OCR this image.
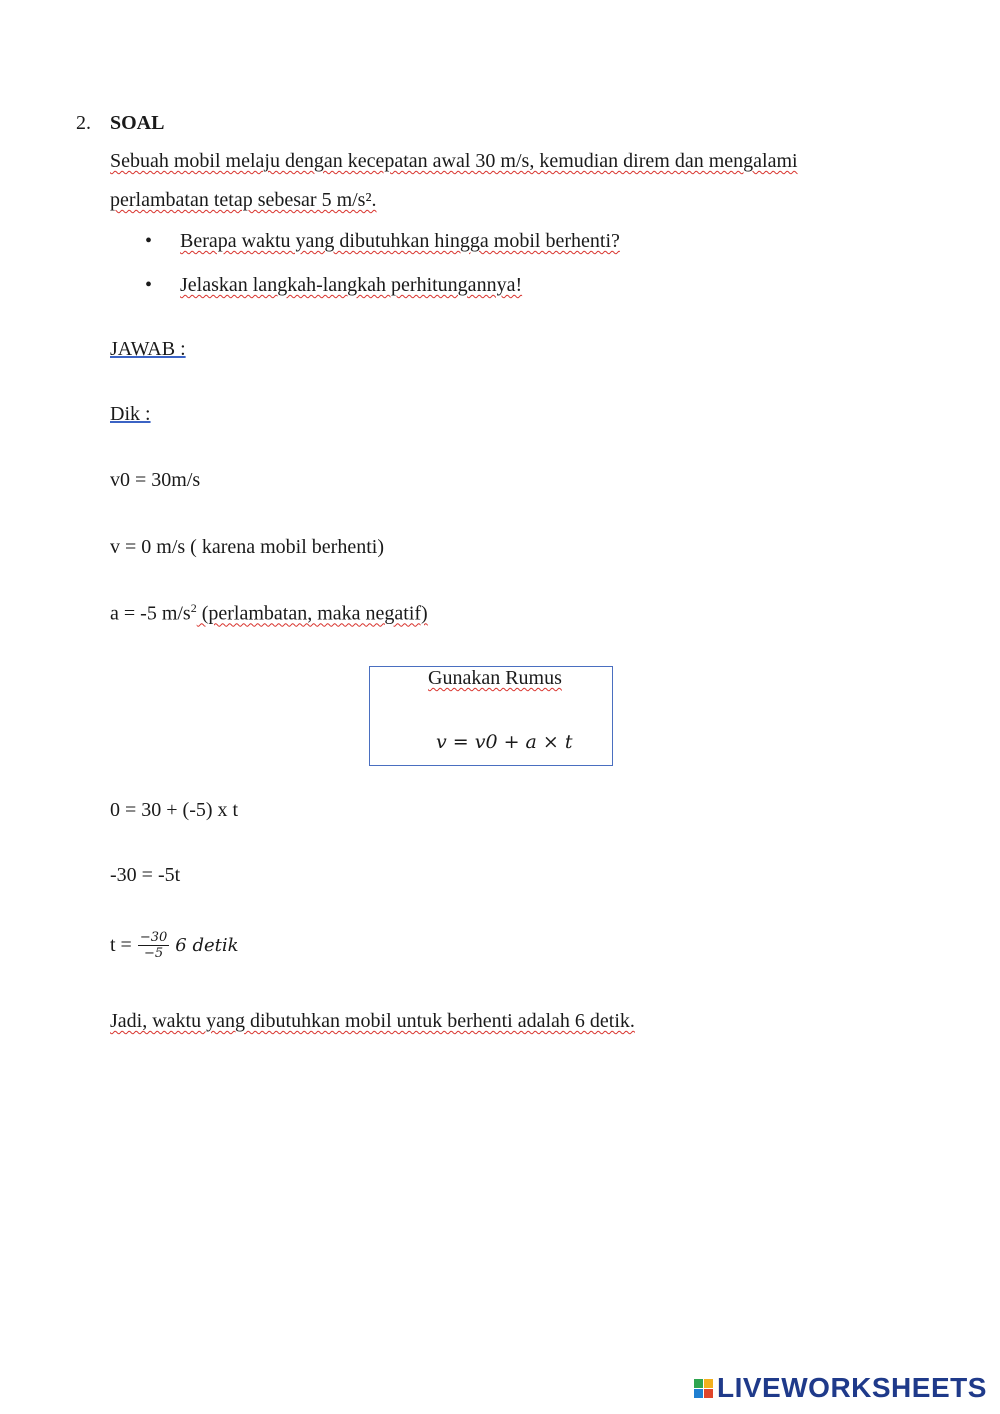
2. SOAL
Sebuah mobil melaju dengan kecepatan awal 30 m/s, kemudian direm dan mengalami
perlambatan tetap sebesar 5 m/s².
• Berapa waktu yang dibutuhkan hingga mobil berhenti?
• Jelaskan langkah-langkah perhitungannya!
JAWAB :
Dik :
v0 = 30m/s
v = 0 m/s ( karena mobil berhenti)
a = -5 $m/s^2$ (perlambatan, maka negatif)
Gunakan Rumus
v = v0 + a × t
0 = 30 + (-5) x t
-30 = -5t
$t = \frac{-30}{-5} 6$ detik
Jadi, waktu yang dibutuhkan mobil untuk berhenti adalah 6 detik.
LIVEWORKSHEETS
